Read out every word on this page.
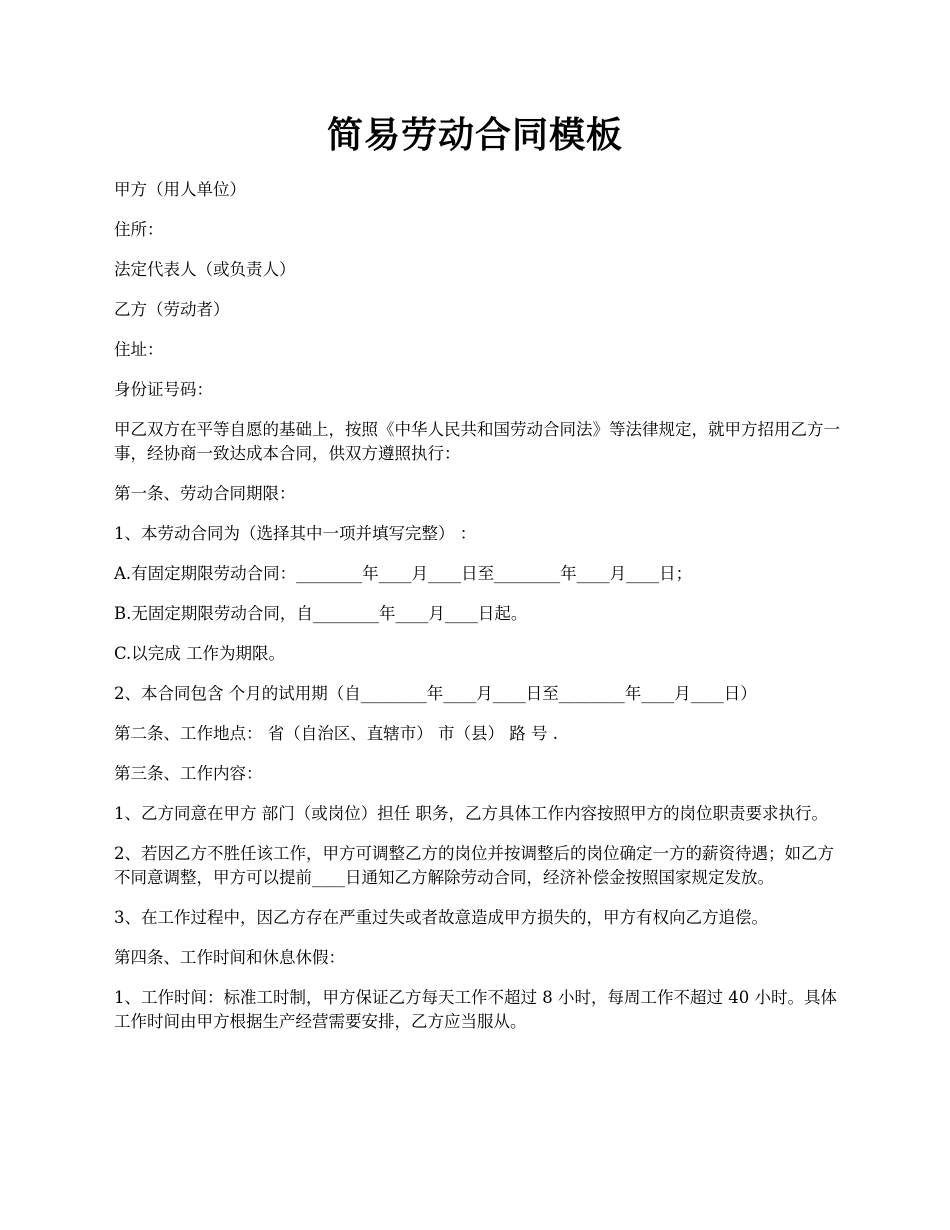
简易劳动合同模板

甲方（用人单位）

住所：

法定代表人（或负责人）

乙方（劳动者）

住址：

身份证号码：

甲乙双方在平等自愿的基础上，按照《中华人民共和国劳动合同法》等法律规定，就甲方招用乙方一事，经协商一致达成本合同，供双方遵照执行：

第一条、劳动合同期限：

1、本劳动合同为（选择其中一项并填写完整） ：

A.有固定期限劳动合同：________年____月____日至________年____月____日；

B.无固定期限劳动合同，自________年____月____日起。

C.以完成 工作为期限。

2、本合同包含 个月的试用期（自________年____月____日至________年____月____日）

第二条、工作地点： 省（自治区、直辖市） 市（县） 路 号 .

第三条、工作内容：

1、乙方同意在甲方 部门（或岗位）担任 职务，乙方具体工作内容按照甲方的岗位职责要求执行。

2、若因乙方不胜任该工作，甲方可调整乙方的岗位并按调整后的岗位确定一方的薪资待遇；如乙方不同意调整，甲方可以提前____日通知乙方解除劳动合同，经济补偿金按照国家规定发放。

3、在工作过程中，因乙方存在严重过失或者故意造成甲方损失的，甲方有权向乙方追偿。

第四条、工作时间和休息休假：

1、工作时间：标准工时制，甲方保证乙方每天工作不超过 8 小时，每周工作不超过 40 小时。具体工作时间由甲方根据生产经营需要安排，乙方应当服从。
